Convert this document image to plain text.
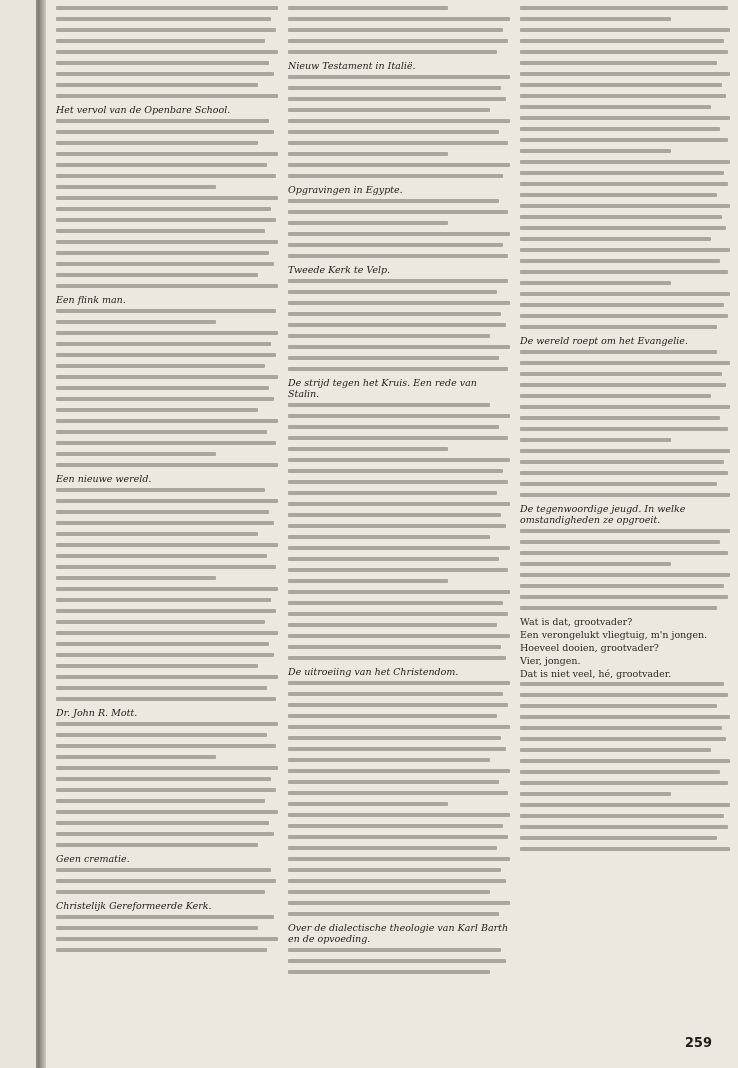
Het vervol van de Openbare School.
Een flink man.
Een nieuwe wereld.
Dr. John R. Mott.
Geen crematie.
Christelijk Gereformeerde Kerk.
Nieuw Testament in Italië.
Opgravingen in Egypte.
Tweede Kerk te Velp.
De strijd tegen het Kruis. Een rede van Stalin.
De uitroeiing van het Christendom.
Over de dialectische theologie van Karl Barth en de opvoeding.
De wereld roept om het Evangelie.
De tegenwoordige jeugd. In welke omstandigheden ze opgroeit.
Wat is dat, grootvader?
Een verongelukt vliegtuig, m'n jongen.
Hoeveel dooien, grootvader?
Vier, jongen.
Dat is niet veel, hé, grootvader.
259
